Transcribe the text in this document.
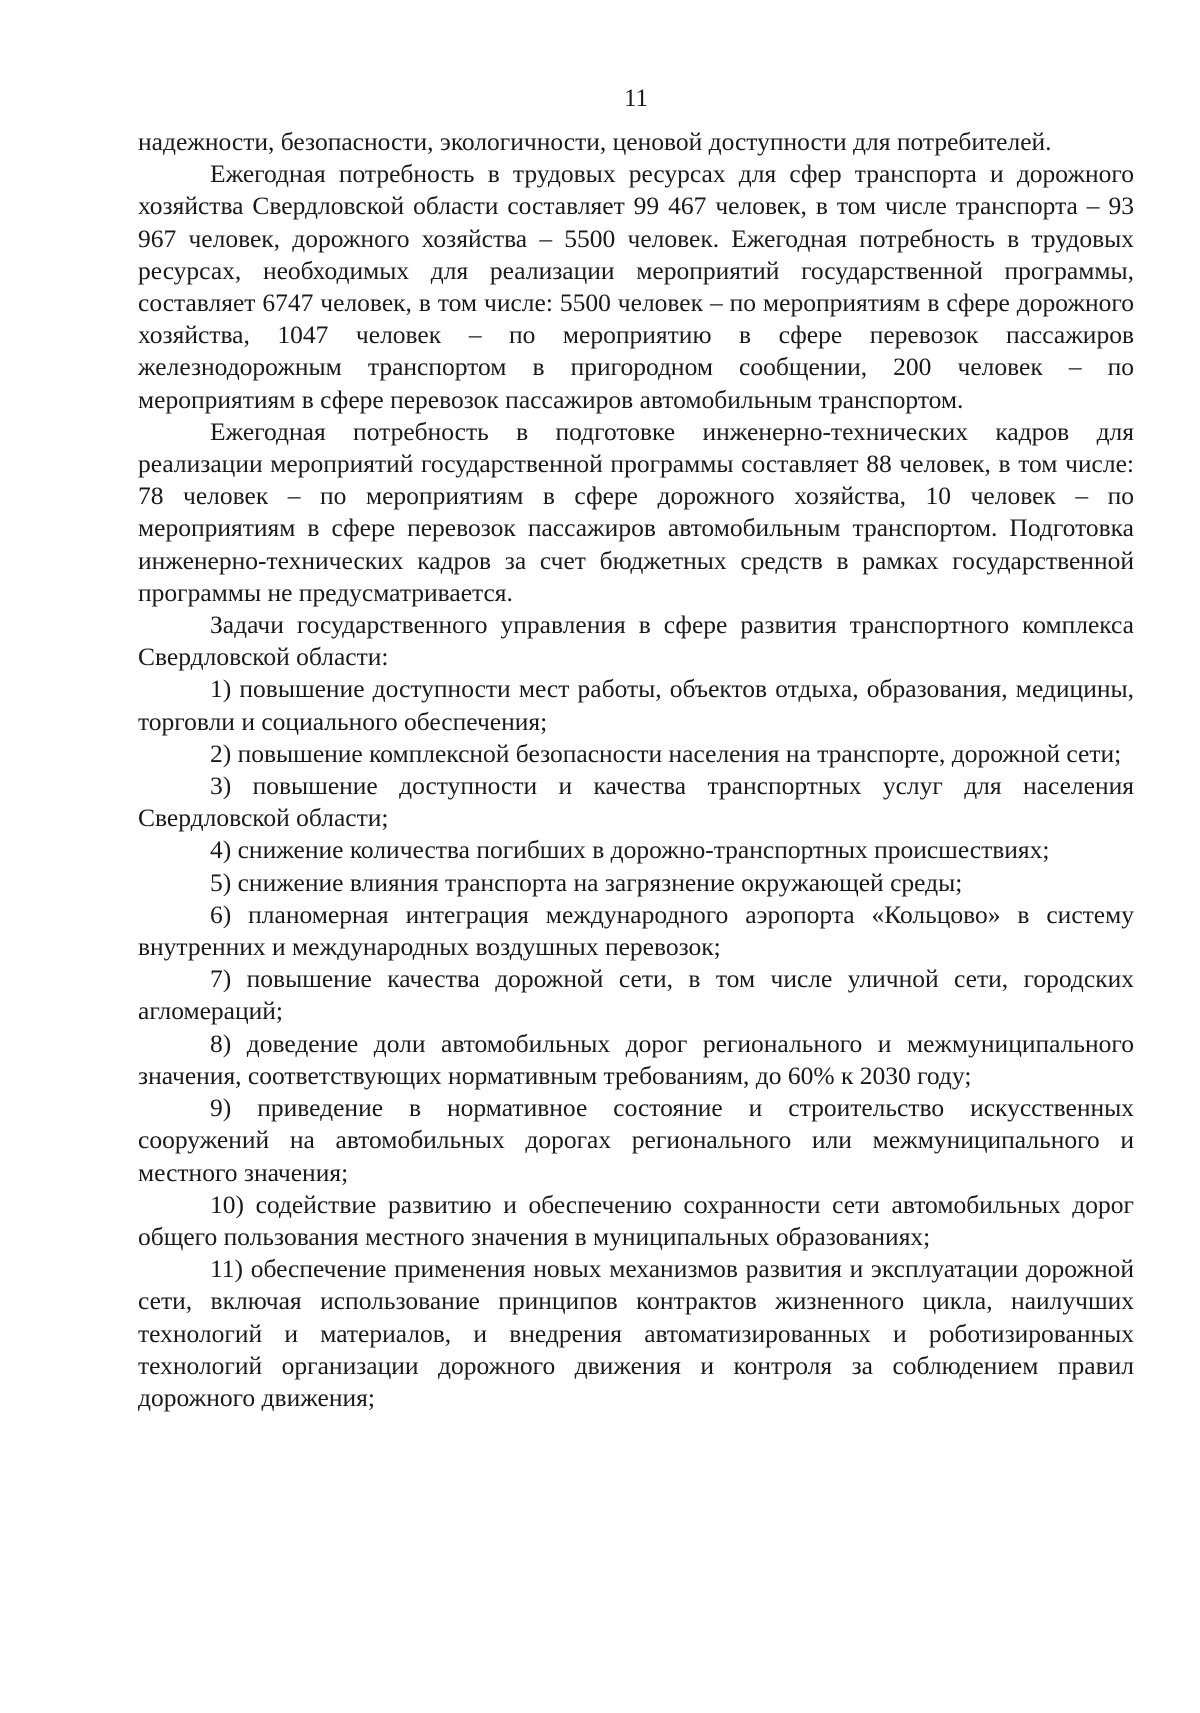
11

надежности, безопасности, экологичности, ценовой доступности для потребителей.

Ежегодная потребность в трудовых ресурсах для сфер транспорта и дорожного хозяйства Свердловской области составляет 99 467 человек, в том числе транспорта – 93 967 человек, дорожного хозяйства – 5500 человек. Ежегодная потребность в трудовых ресурсах, необходимых для реализации мероприятий государственной программы, составляет 6747 человек, в том числе: 5500 человек – по мероприятиям в сфере дорожного хозяйства, 1047 человек – по мероприятию в сфере перевозок пассажиров железнодорожным транспортом в пригородном сообщении, 200 человек – по мероприятиям в сфере перевозок пассажиров автомобильным транспортом.

Ежегодная потребность в подготовке инженерно-технических кадров для реализации мероприятий государственной программы составляет 88 человек, в том числе: 78 человек – по мероприятиям в сфере дорожного хозяйства, 10 человек – по мероприятиям в сфере перевозок пассажиров автомобильным транспортом. Подготовка инженерно-технических кадров за счет бюджетных средств в рамках государственной программы не предусматривается.

Задачи государственного управления в сфере развития транспортного комплекса Свердловской области:

1) повышение доступности мест работы, объектов отдыха, образования, медицины, торговли и социального обеспечения;

2) повышение комплексной безопасности населения на транспорте, дорожной сети;

3) повышение доступности и качества транспортных услуг для населения Свердловской области;

4) снижение количества погибших в дорожно-транспортных происшествиях;

5) снижение влияния транспорта на загрязнение окружающей среды;

6) планомерная интеграция международного аэропорта «Кольцово» в систему внутренних и международных воздушных перевозок;

7) повышение качества дорожной сети, в том числе уличной сети, городских агломераций;

8) доведение доли автомобильных дорог регионального и межмуниципального значения, соответствующих нормативным требованиям, до 60% к 2030 году;

9) приведение в нормативное состояние и строительство искусственных сооружений на автомобильных дорогах регионального или межмуниципального и местного значения;

10) содействие развитию и обеспечению сохранности сети автомобильных дорог общего пользования местного значения в муниципальных образованиях;

11) обеспечение применения новых механизмов развития и эксплуатации дорожной сети, включая использование принципов контрактов жизненного цикла, наилучших технологий и материалов, и внедрения автоматизированных и роботизированных технологий организации дорожного движения и контроля за соблюдением правил дорожного движения;
